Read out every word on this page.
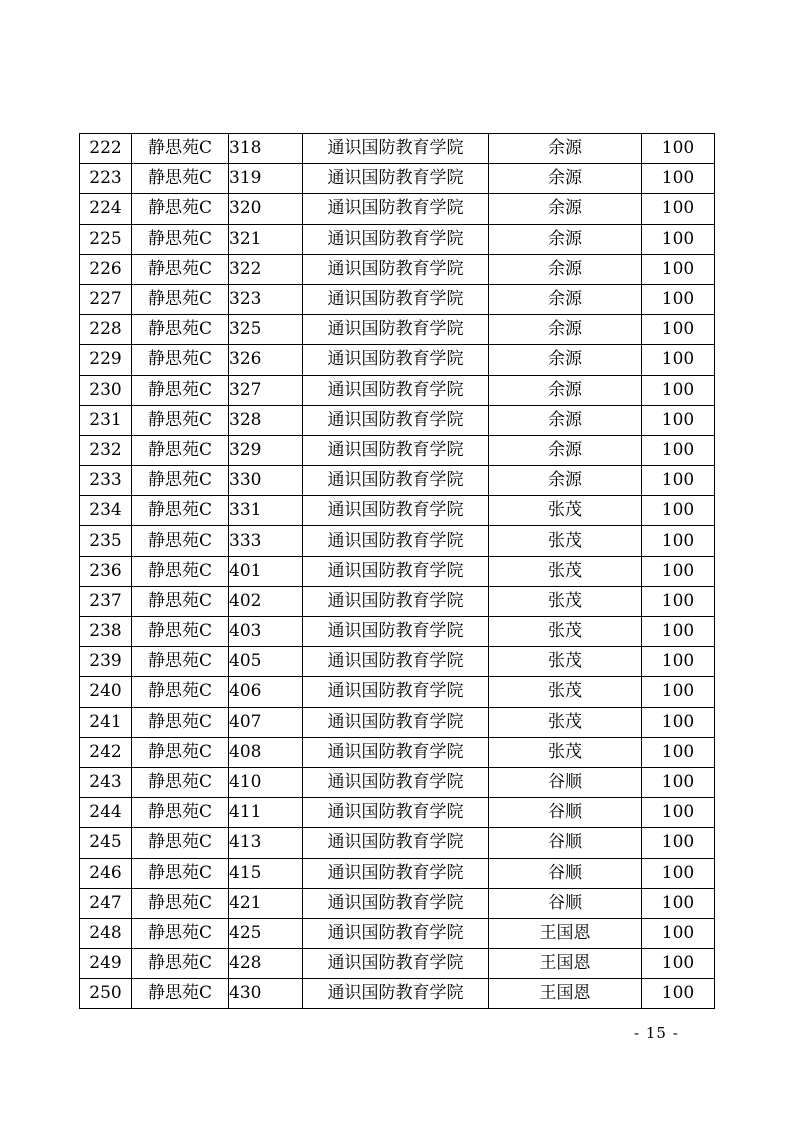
222	静思苑C	318	通识国防教育学院	余源	100
223	静思苑C	319	通识国防教育学院	余源	100
224	静思苑C	320	通识国防教育学院	余源	100
225	静思苑C	321	通识国防教育学院	余源	100
226	静思苑C	322	通识国防教育学院	余源	100
227	静思苑C	323	通识国防教育学院	余源	100
228	静思苑C	325	通识国防教育学院	余源	100
229	静思苑C	326	通识国防教育学院	余源	100
230	静思苑C	327	通识国防教育学院	余源	100
231	静思苑C	328	通识国防教育学院	余源	100
232	静思苑C	329	通识国防教育学院	余源	100
233	静思苑C	330	通识国防教育学院	余源	100
234	静思苑C	331	通识国防教育学院	张茂	100
235	静思苑C	333	通识国防教育学院	张茂	100
236	静思苑C	401	通识国防教育学院	张茂	100
237	静思苑C	402	通识国防教育学院	张茂	100
238	静思苑C	403	通识国防教育学院	张茂	100
239	静思苑C	405	通识国防教育学院	张茂	100
240	静思苑C	406	通识国防教育学院	张茂	100
241	静思苑C	407	通识国防教育学院	张茂	100
242	静思苑C	408	通识国防教育学院	张茂	100
243	静思苑C	410	通识国防教育学院	谷顺	100
244	静思苑C	411	通识国防教育学院	谷顺	100
245	静思苑C	413	通识国防教育学院	谷顺	100
246	静思苑C	415	通识国防教育学院	谷顺	100
247	静思苑C	421	通识国防教育学院	谷顺	100
248	静思苑C	425	通识国防教育学院	王国恩	100
249	静思苑C	428	通识国防教育学院	王国恩	100
250	静思苑C	430	通识国防教育学院	王国恩	100
- 15 -
